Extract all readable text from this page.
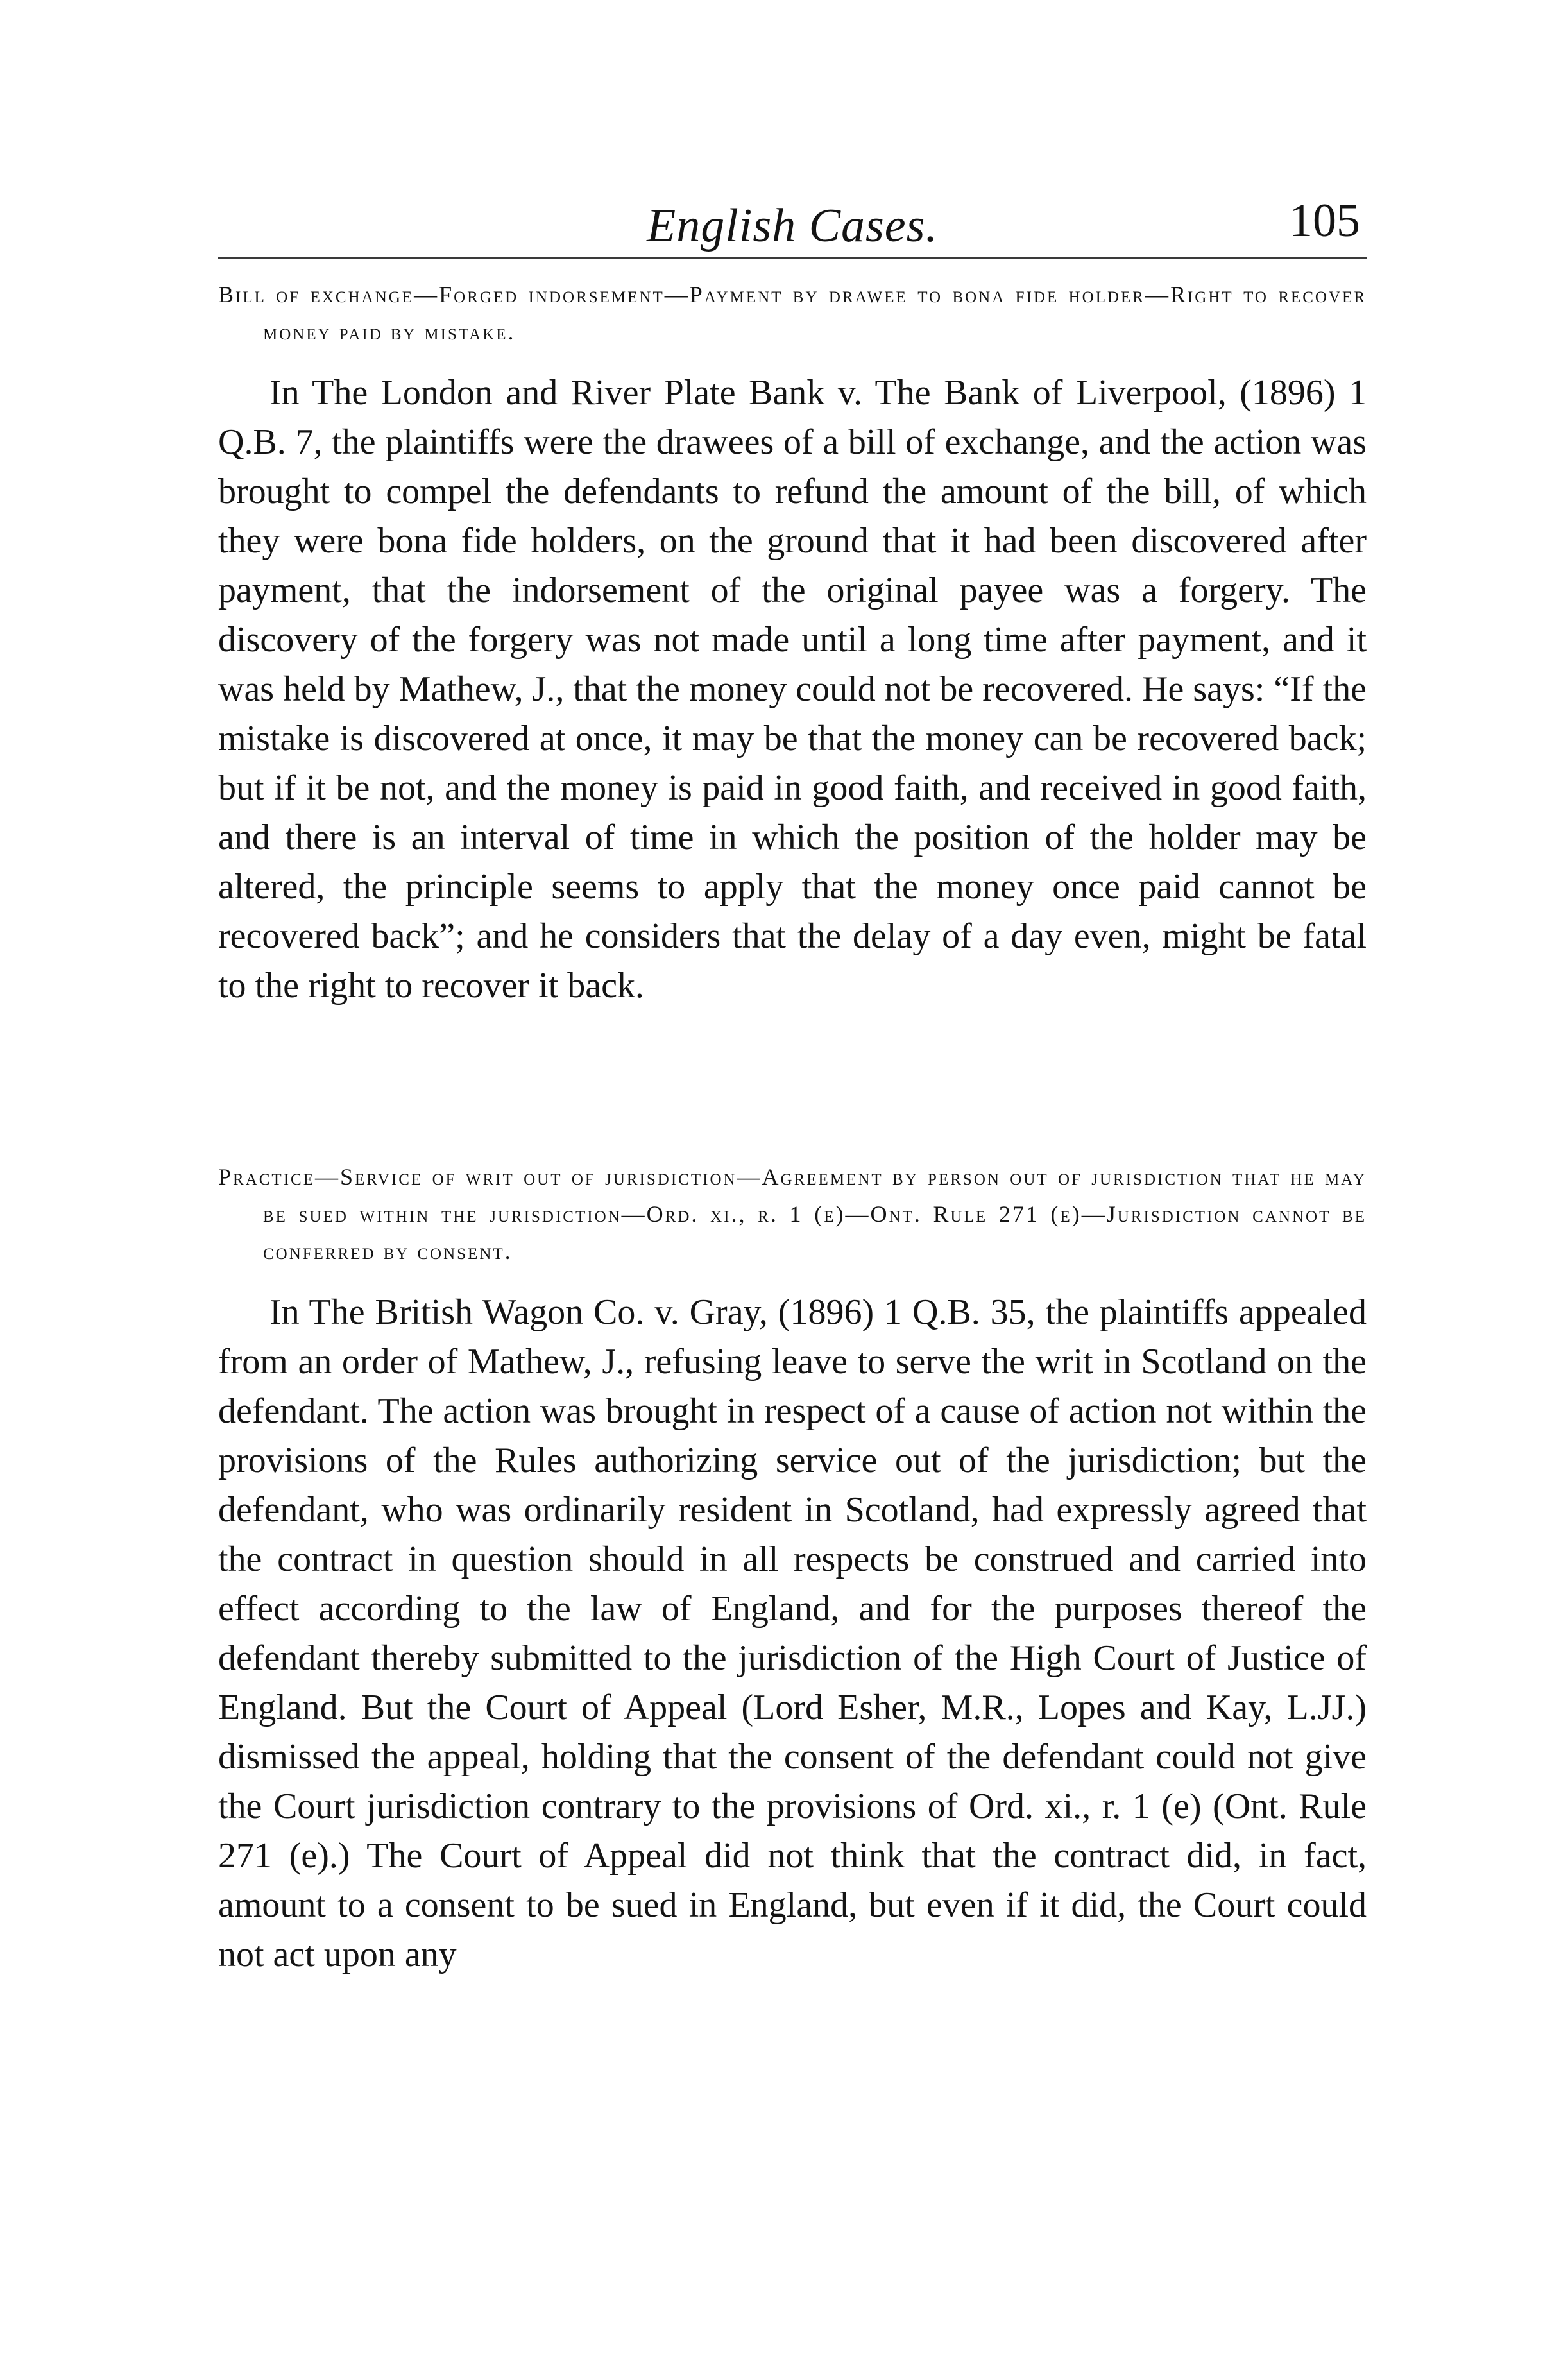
English Cases.	105

Bill of exchange—Forged indorsement—Payment by drawee to bona fide holder—Right to recover money paid by mistake.

In The London and River Plate Bank v. The Bank of Liverpool, (1896) 1 Q.B. 7, the plaintiffs were the drawees of a bill of exchange, and the action was brought to compel the defendants to refund the amount of the bill, of which they were bona fide holders, on the ground that it had been discovered after payment, that the indorsement of the original payee was a forgery. The discovery of the forgery was not made until a long time after payment, and it was held by Mathew, J., that the money could not be recovered. He says: “If the mistake is discovered at once, it may be that the money can be recovered back; but if it be not, and the money is paid in good faith, and received in good faith, and there is an interval of time in which the position of the holder may be altered, the principle seems to apply that the money once paid cannot be recovered back”; and he considers that the delay of a day even, might be fatal to the right to recover it back.

Practice—Service of writ out of jurisdiction—Agreement by person out of jurisdiction that he may be sued within the jurisdiction—Ord. xi., r. 1 (e)—Ont. Rule 271 (e)—Jurisdiction cannot be conferred by consent.

In The British Wagon Co. v. Gray, (1896) 1 Q.B. 35, the plaintiffs appealed from an order of Mathew, J., refusing leave to serve the writ in Scotland on the defendant. The action was brought in respect of a cause of action not within the provisions of the Rules authorizing service out of the jurisdiction; but the defendant, who was ordinarily resident in Scotland, had expressly agreed that the contract in question should in all respects be construed and carried into effect according to the law of England, and for the purposes thereof the defendant thereby submitted to the jurisdiction of the High Court of Justice of England. But the Court of Appeal (Lord Esher, M.R., Lopes and Kay, L.JJ.) dismissed the appeal, holding that the consent of the defendant could not give the Court jurisdiction contrary to the provisions of Ord. xi., r. 1 (e) (Ont. Rule 271 (e).) The Court of Appeal did not think that the contract did, in fact, amount to a consent to be sued in England, but even if it did, the Court could not act upon any
